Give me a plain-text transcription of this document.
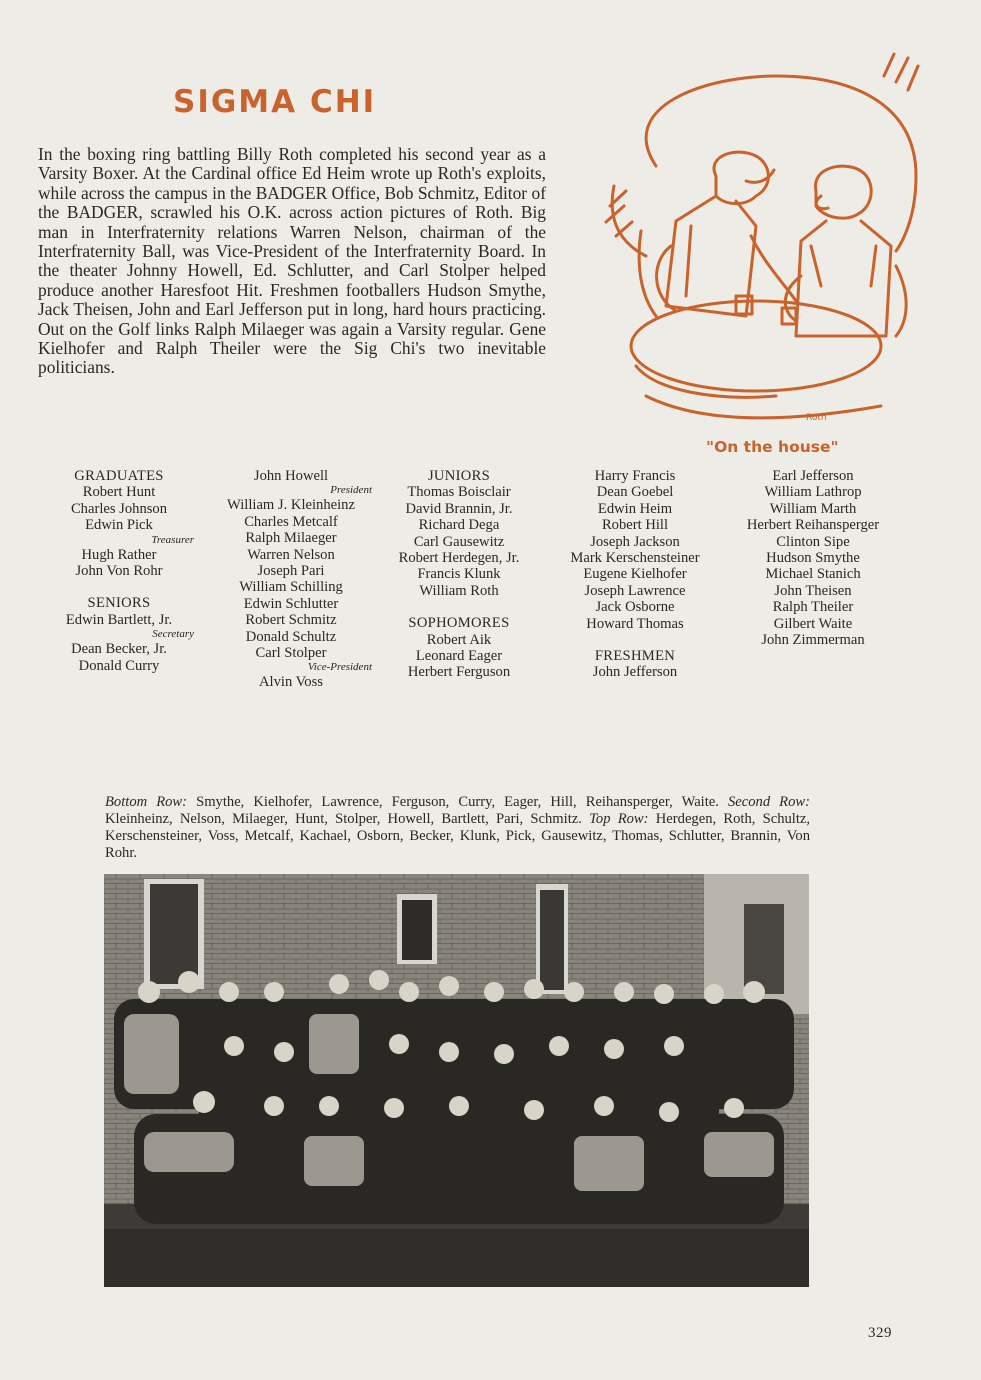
SIGMA CHI

In the boxing ring battling Billy Roth completed his second year as a Varsity Boxer. At the Cardinal office Ed Heim wrote up Roth's exploits, while across the campus in the BADGER Office, Bob Schmitz, Editor of the BADGER, scrawled his O.K. across action pictures of Roth. Big man in Interfraternity relations Warren Nelson, chairman of the Interfraternity Ball, was Vice-President of the Interfraternity Board. In the theater Johnny Howell, Ed. Schlutter, and Carl Stolper helped produce another Haresfoot Hit. Freshmen footballers Hudson Smythe, Jack Theisen, John and Earl Jefferson put in long, hard hours practicing. Out on the Golf links Ralph Milaeger was again a Varsity regular. Gene Kielhofer and Ralph Theiler were the Sig Chi's two inevitable politicians.

Roth
"On the house"
GRADUATES
Robert Hunt
Charles Johnson
Edwin Pick
Treasurer
Hugh Rather
John Von Rohr
SENIORS
Edwin Bartlett, Jr.
Secretary
Dean Becker, Jr.
Donald Curry
John Howell
President
William J. Kleinheinz
Charles Metcalf
Ralph Milaeger
Warren Nelson
Joseph Pari
William Schilling
Edwin Schlutter
Robert Schmitz
Donald Schultz
Carl Stolper
Vice-President
Alvin Voss
JUNIORS
Thomas Boisclair
David Brannin, Jr.
Richard Dega
Carl Gausewitz
Robert Herdegen, Jr.
Francis Klunk
William Roth
SOPHOMORES
Robert Aik
Leonard Eager
Herbert Ferguson
Harry Francis
Dean Goebel
Edwin Heim
Robert Hill
Joseph Jackson
Mark Kerschensteiner
Eugene Kielhofer
Joseph Lawrence
Jack Osborne
Howard Thomas
FRESHMEN
John Jefferson
Earl Jefferson
William Lathrop
William Marth
Herbert Reihansperger
Clinton Sipe
Hudson Smythe
Michael Stanich
John Theisen
Ralph Theiler
Gilbert Waite
John Zimmerman

Bottom Row: Smythe, Kielhofer, Lawrence, Ferguson, Curry, Eager, Hill, Reihansperger, Waite. Second Row: Kleinheinz, Nelson, Milaeger, Hunt, Stolper, Howell, Bartlett, Pari, Schmitz. Top Row: Herdegen, Roth, Schultz, Kerschensteiner, Voss, Metcalf, Kachael, Osborn, Becker, Klunk, Pick, Gausewitz, Thomas, Schlutter, Brannin, Von Rohr.

329
